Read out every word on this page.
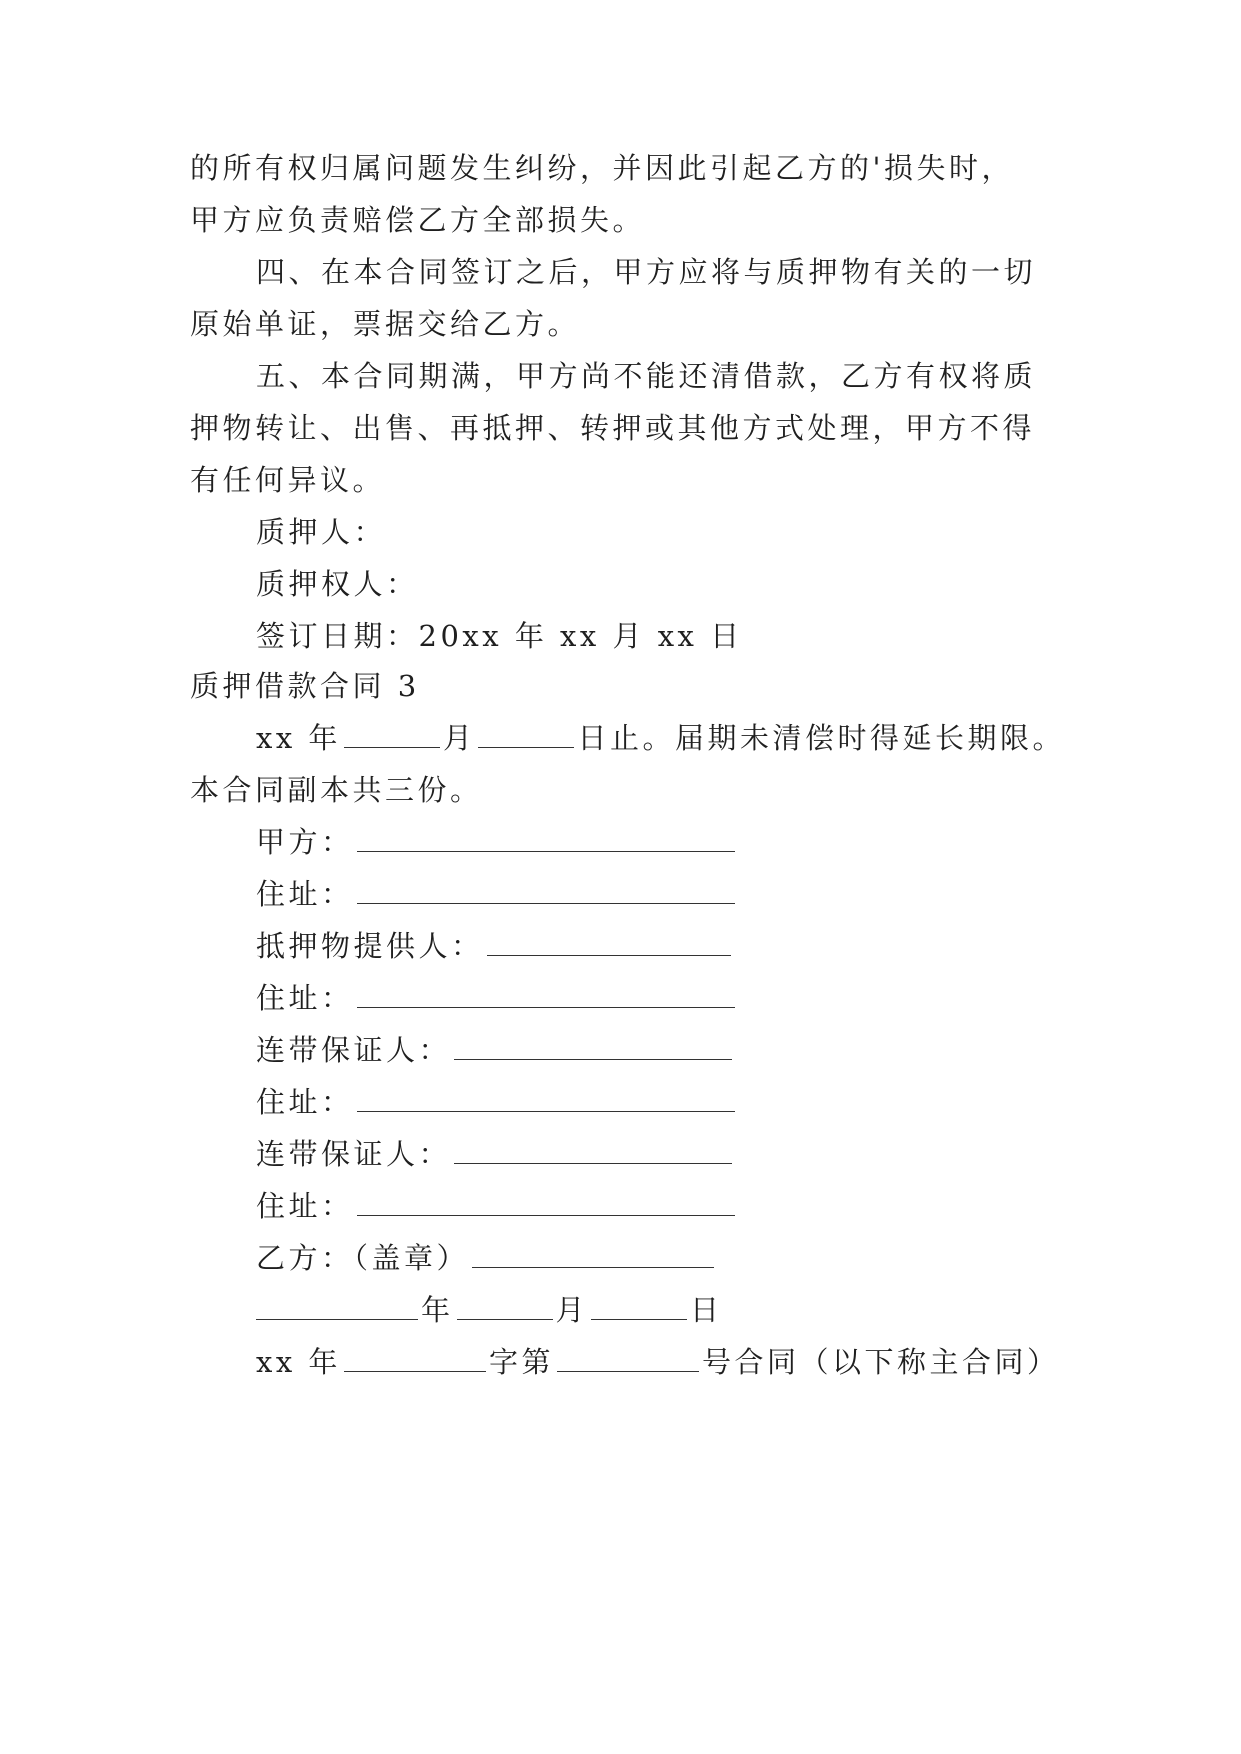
的所有权归属问题发生纠纷，并因此引起乙方的'损失时，
甲方应负责赔偿乙方全部损失。
四、在本合同签订之后，甲方应将与质押物有关的一切
原始单证，票据交给乙方。
五、本合同期满，甲方尚不能还清借款，乙方有权将质
押物转让、出售、再抵押、转押或其他方式处理，甲方不得
有任何异议。
质押人：
质押权人：
签订日期：20xx 年 xx 月 xx 日
质押借款合同 3
xx 年	月	日止。届期未清偿时得延长期限。
本合同副本共三份。
甲方：
住址：
抵押物提供人：
住址：
连带保证人：
住址：
连带保证人：
住址：
乙方：（盖章）
年	月	日
xx 年	字第	号合同（以下称主合同）
